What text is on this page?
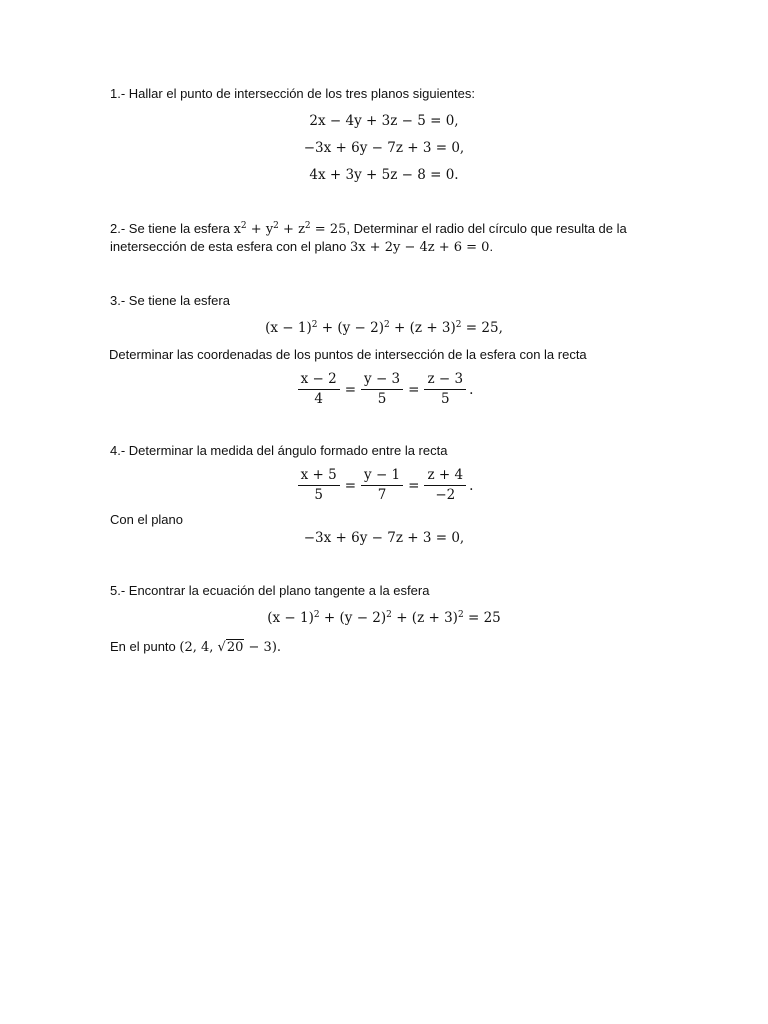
1.- Hallar el punto de intersección de los tres planos siguientes:
2x − 4y + 3z − 5 = 0,
−3x + 6y − 7z + 3 = 0,
4x + 3y + 5z − 8 = 0.
2.- Se tiene la esfera $x^2 + y^2 + z^2 = 25$, Determinar el radio del círculo que resulta de la
inetersección de esta esfera con el plano 3x + 2y − 4z + 6 = 0.
3.- Se tiene la esfera
$(x - 1)^2 + (y - 2)^2 + (z + 3)^2 = 25$,
Determinar las coordenadas de los puntos de intersección de la esfera con la recta
$\frac{x - 2}{4} = \frac{y - 3}{5} = \frac{z - 3}{5}$ .
4.- Determinar la medida del ángulo formado entre la recta
$\frac{x + 5}{5} = \frac{y - 1}{7} = \frac{z + 4}{-2}$ .
Con el plano
−3x + 6y − 7z + 3 = 0,
5.- Encontrar la ecuación del plano tangente a la esfera
$(x - 1)^2 + (y - 2)^2 + (z + 3)^2 = 25$
En el punto (2, 4, √ 20 − 3).
